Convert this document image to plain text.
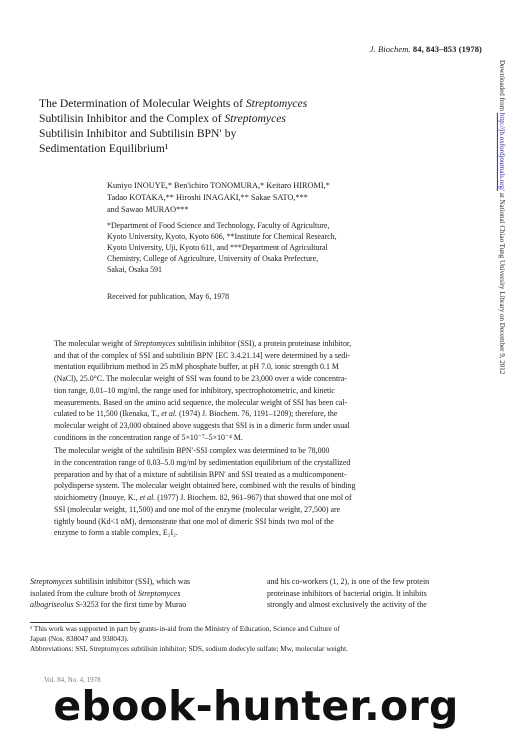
J. Biochem. 84, 843–853 (1978)
The Determination of Molecular Weights of Streptomyces
Subtilisin Inhibitor and the Complex of Streptomyces
Subtilisin Inhibitor and Subtilisin BPN′ by
Sedimentation Equilibrium¹
Kuniyo INOUYE,* Ben'ichiro TONOMURA,* Keitaro HIROMI,*
Tadao KOTAKA,** Hiroshi INAGAKI,** Sakae SATO,***
and Sawao MURAO***
*Department of Food Science and Technology, Faculty of Agriculture,
Kyoto University, Kyoto, Kyoto 606, **Institute for Chemical Research,
Kyoto University, Uji, Kyoto 611, and ***Department of Agricultural
Chemistry, College of Agriculture, University of Osaka Prefecture,
Sakai, Osaka 591
Received for publication, May 6, 1978
The molecular weight of Streptomyces subtilisin inhibitor (SSI), a protein proteinase inhibitor,
and that of the complex of SSI and subtilisin BPN′ [EC 3.4.21.14] were determined by a sedi-
mentation equilibrium method in 25 mM phosphate buffer, at pH 7.0, ionic strength 0.1 M
(NaCl), 25.0°C. The molecular weight of SSI was found to be 23,000 over a wide concentra-
tion range, 0.01–10 mg/ml, the range used for inhibitory, spectrophotometric, and kinetic
measurements. Based on the amino acid sequence, the molecular weight of SSI has been cal-
culated to be 11,500 (Ikenaka, T., et al. (1974) J. Biochem. 76, 1191–1209); therefore, the
molecular weight of 23,000 obtained above suggests that SSI is in a dimeric form under usual
conditions in the concentration range of 5×10⁻⁷–5×10⁻⁴ M.
The molecular weight of the subtilisin BPN′-SSI complex was determined to be 78,000
in the concentration range of 0.03–5.0 mg/ml by sedimentation equilibrium of the crystallized
preparation and by that of a mixture of subtilisin BPN′ and SSI treated as a multicomponent-
polydisperse system. The molecular weight obtained here, combined with the results of binding
stoichiometry (Inouye, K., et al. (1977) J. Biochem. 82, 961–967) that showed that one mol of
SSI (molecular weight, 11,500) and one mol of the enzyme (molecular weight, 27,500) are
tightly bound (Kd<1 nM), demonstrate that one mol of dimeric SSI binds two mol of the
enzyme to form a stable complex, E₂I₂.
Streptomyces subtilisin inhibitor (SSI), which was
isolated from the culture broth of Streptomyces
albogriseolus S-3253 for the first time by Murao
and his co-workers (1, 2), is one of the few protein
proteinase inhibitors of bacterial origin. It inhibits
strongly and almost exclusively the activity of the
¹ This work was supported in part by grants-in-aid from the Ministry of Education, Science and Culture of
Japan (Nos. 838047 and 938043).
Abbreviations: SSI, Streptomyces subtilisin inhibitor; SDS, sodium dodecyle sulfate; Mw, molecular weight.
Downloaded from http://jb.oxfordjournals.org/ at National Chiao Tung University Library on December 9, 2012
Vol. 84, No. 4, 1978
ebook-hunter.org
